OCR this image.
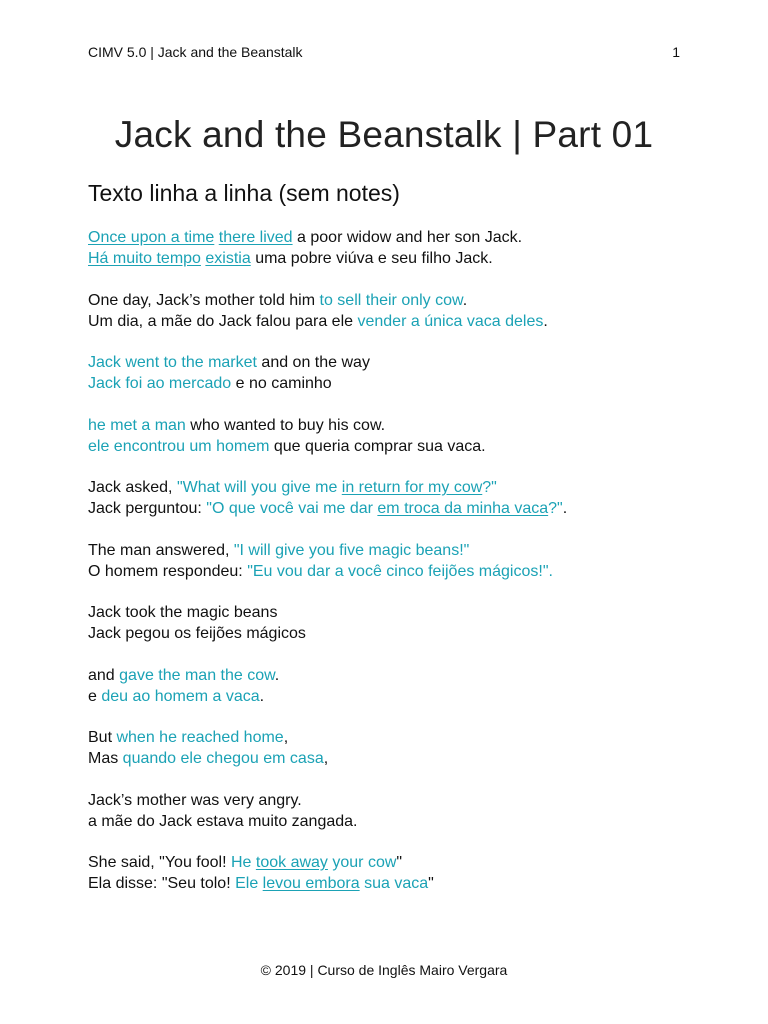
CIMV 5.0 | Jack and the Beanstalk	1
Jack and the Beanstalk | Part 01
Texto linha a linha (sem notes)
Once upon a time there lived a poor widow and her son Jack.
Há muito tempo existia uma pobre viúva e seu filho Jack.
One day, Jack’s mother told him to sell their only cow.
Um dia, a mãe do Jack falou para ele vender a única vaca deles.
Jack went to the market and on the way
Jack foi ao mercado e no caminho
he met a man who wanted to buy his cow.
ele encontrou um homem que queria comprar sua vaca.
Jack asked, "What will you give me in return for my cow?"
Jack perguntou: "O que você vai me dar em troca da minha vaca?".
The man answered, "I will give you five magic beans!"
O homem respondeu: "Eu vou dar a você cinco feijões mágicos!".
Jack took the magic beans
Jack pegou os feijões mágicos
and gave the man the cow.
e deu ao homem a vaca.
But when he reached home,
Mas quando ele chegou em casa,
Jack’s mother was very angry.
a mãe do Jack estava muito zangada.
She said, "You fool! He took away your cow"
Ela disse: "Seu tolo! Ele levou embora sua vaca"
© 2019 | Curso de Inglês Mairo Vergara
